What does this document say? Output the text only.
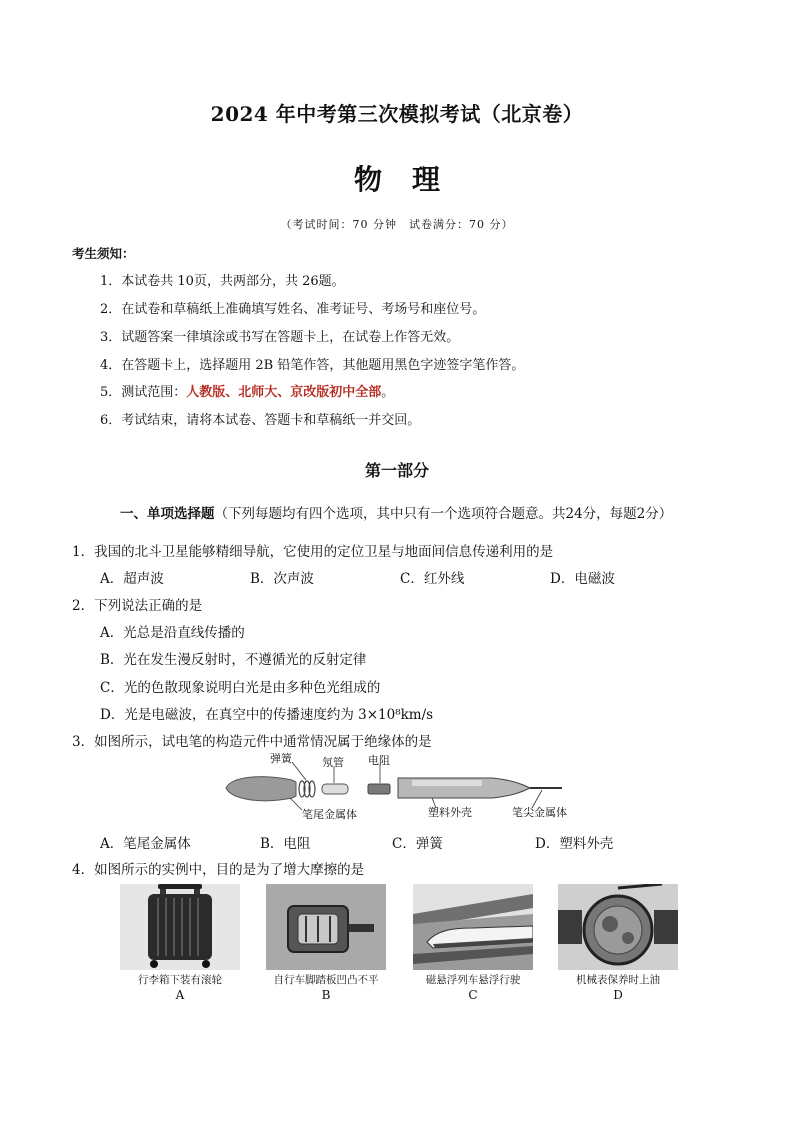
2024 年中考第三次模拟考试（北京卷）
物理
（考试时间：70 分钟　试卷满分：70 分）
考生须知：
1．本试卷共 10页，共两部分，共 26题。
2．在试卷和草稿纸上准确填写姓名、准考证号、考场号和座位号。
3．试题答案一律填涂或书写在答题卡上，在试卷上作答无效。
4．在答题卡上，选择题用 2B 铅笔作答，其他题用黑色字迹签字笔作答。
5．测试范围：人教版、北师大、京改版初中全部。
6．考试结束，请将本试卷、答题卡和草稿纸一并交回。
第一部分
一、单项选择题（下列每题均有四个选项，其中只有一个选项符合题意。共24分，每题2分）
1．我国的北斗卫星能够精细导航，它使用的定位卫星与地面间信息传递利用的是
A．超声波	B．次声波	C．红外线	D．电磁波
2．下列说法正确的是
A．光总是沿直线传播的
B．光在发生漫反射时，不遵循光的反射定律
C．光的色散现象说明白光是由多种色光组成的
D．光是电磁波，在真空中的传播速度约为 3×10⁸km/s
3．如图所示，试电笔的构造元件中通常情况属于绝缘体的是
弹簧	氖管 电阻
笔尾金属体	塑料外壳	笔尖金属体
A．笔尾金属体	B．电阻	C．弹簧	D．塑料外壳
4．如图所示的实例中，目的是为了增大摩擦的是
行李箱下装有滚轮
A
自行车脚踏板凹凸不平
B
磁悬浮列车悬浮行驶
C
机械表保养时上油
D
